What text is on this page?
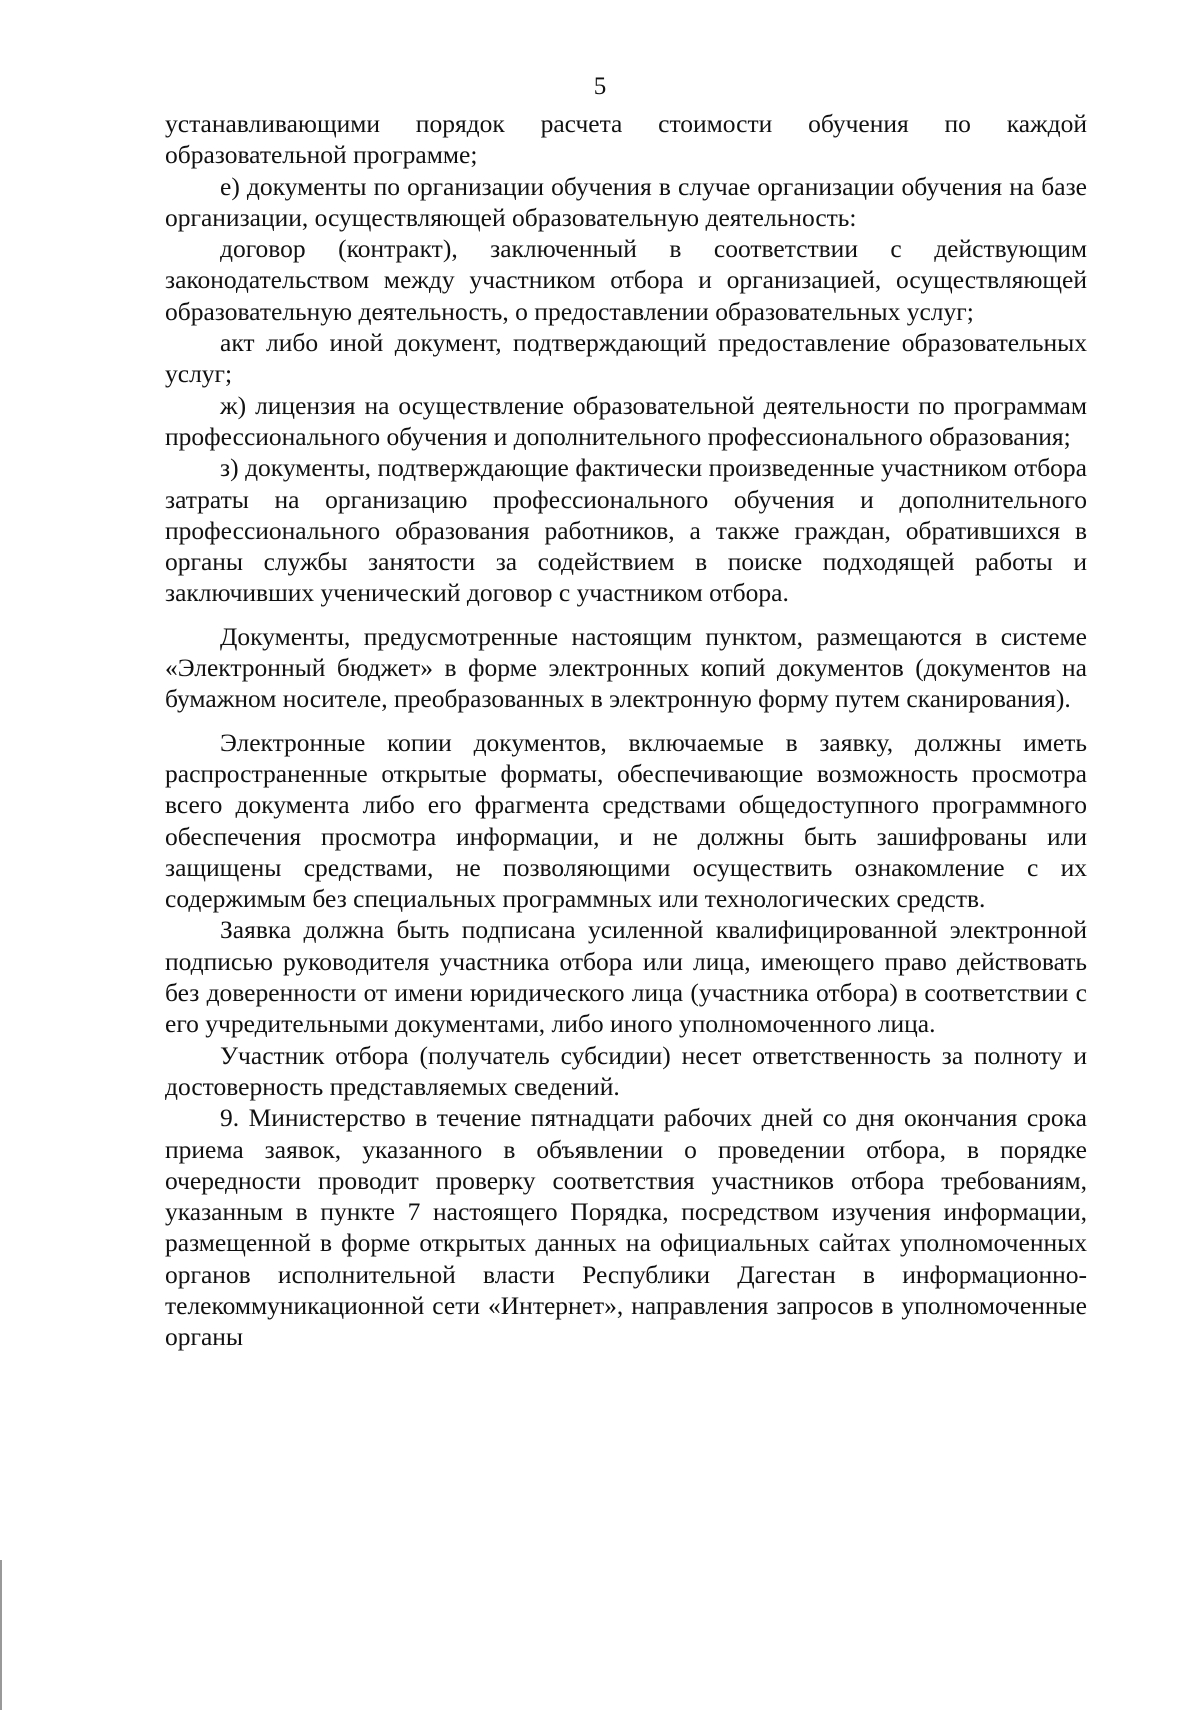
5

устанавливающими порядок расчета стоимости обучения по каждой образовательной программе;

е) документы по организации обучения в случае организации обучения на базе организации, осуществляющей образовательную деятельность:

договор (контракт), заключенный в соответствии с действующим законодательством между участником отбора и организацией, осуществляющей образовательную деятельность, о предоставлении образовательных услуг;

акт либо иной документ, подтверждающий предоставление образовательных услуг;

ж) лицензия на осуществление образовательной деятельности по программам профессионального обучения и дополнительного профессионального образования;

з) документы, подтверждающие фактически произведенные участником отбора затраты на организацию профессионального обучения и дополнительного профессионального образования работников, а также граждан, обратившихся в органы службы занятости за содействием в поиске подходящей работы и заключивших ученический договор с участником отбора.

Документы, предусмотренные настоящим пунктом, размещаются в системе «Электронный бюджет» в форме электронных копий документов (документов на бумажном носителе, преобразованных в электронную форму путем сканирования).

Электронные копии документов, включаемые в заявку, должны иметь распространенные открытые форматы, обеспечивающие возможность просмотра всего документа либо его фрагмента средствами общедоступного программного обеспечения просмотра информации, и не должны быть зашифрованы или защищены средствами, не позволяющими осуществить ознакомление с их содержимым без специальных программных или технологических средств.

Заявка должна быть подписана усиленной квалифицированной электронной подписью руководителя участника отбора или лица, имеющего право действовать без доверенности от имени юридического лица (участника отбора) в соответствии с его учредительными документами, либо иного уполномоченного лица.

Участник отбора (получатель субсидии) несет ответственность за полноту и достоверность представляемых сведений.

9. Министерство в течение пятнадцати рабочих дней со дня окончания срока приема заявок, указанного в объявлении о проведении отбора, в порядке очередности проводит проверку соответствия участников отбора требованиям, указанным в пункте 7 настоящего Порядка, посредством изучения информации, размещенной в форме открытых данных на официальных сайтах уполномоченных органов исполнительной власти Республики Дагестан в информационно-телекоммуникационной сети «Интернет», направления запросов в уполномоченные органы
